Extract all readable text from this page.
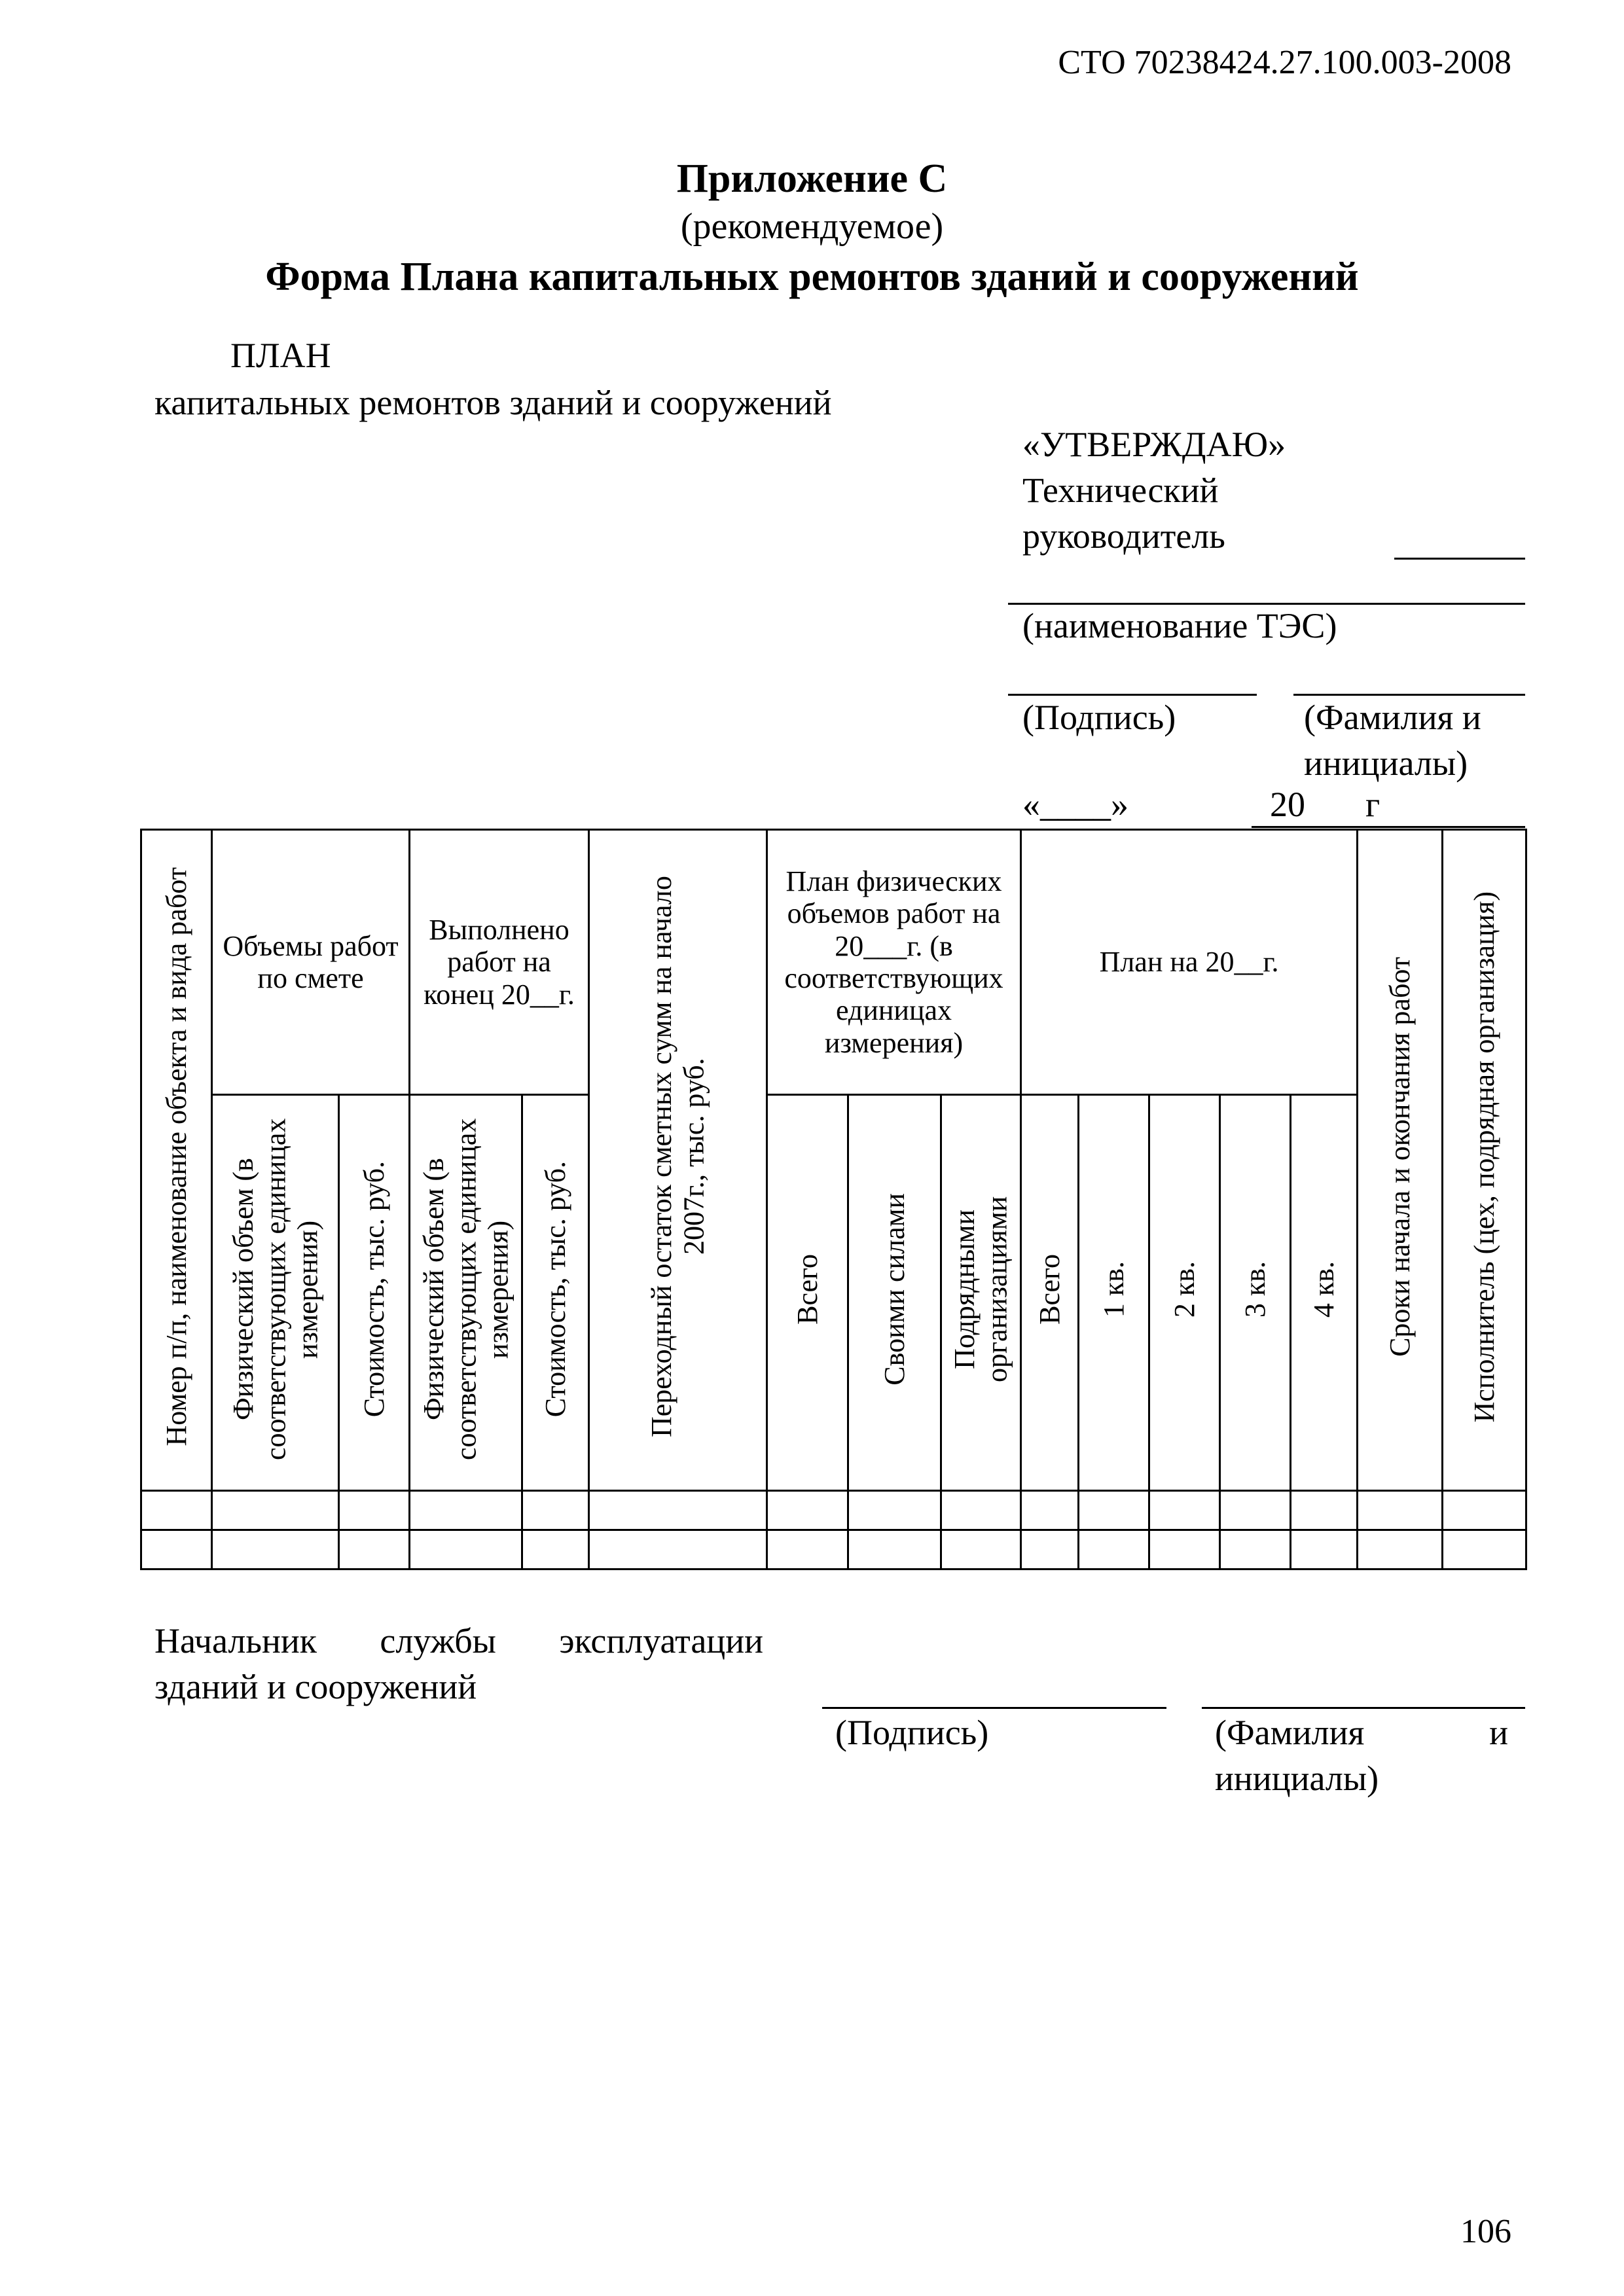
СТО 70238424.27.100.003-2008
Приложение С
(рекомендуемое)
Форма Плана капитальных ремонтов зданий и сооружений
ПЛАН
капитальных ремонтов зданий и сооружений
«УТВЕРЖДАЮ»
Технический
руководитель
(наименование ТЭС)
(Подпись)	(Фамилия и
инициалы)
«____»	20 г
Номер п/п, наименование объекта и вида работ	Объемы работ по смете		Выполнено работ на конец 20__г.		Переходный остаток сметных сумм на начало 2007г., тыс. руб.	План физических объемов работ на 20___г. (в соответствующих единицах измерения)			План на 20__г.					Сроки начала и окончания работ	Исполнитель (цех, подрядная организация)
	Физический объем (в соответствующих единицах измерения)	Стоимость, тыс. руб.	Физический объем (в соответствующих единицах измерения)	Стоимость, тыс. руб.		Всего	Своими силами	Подрядными организациями	Всего	1 кв.	2 кв.	3 кв.	4 кв.		

Начальник службы эксплуатации
зданий и сооружений
(Подпись)	(Фамилия	и
инициалы)
106
